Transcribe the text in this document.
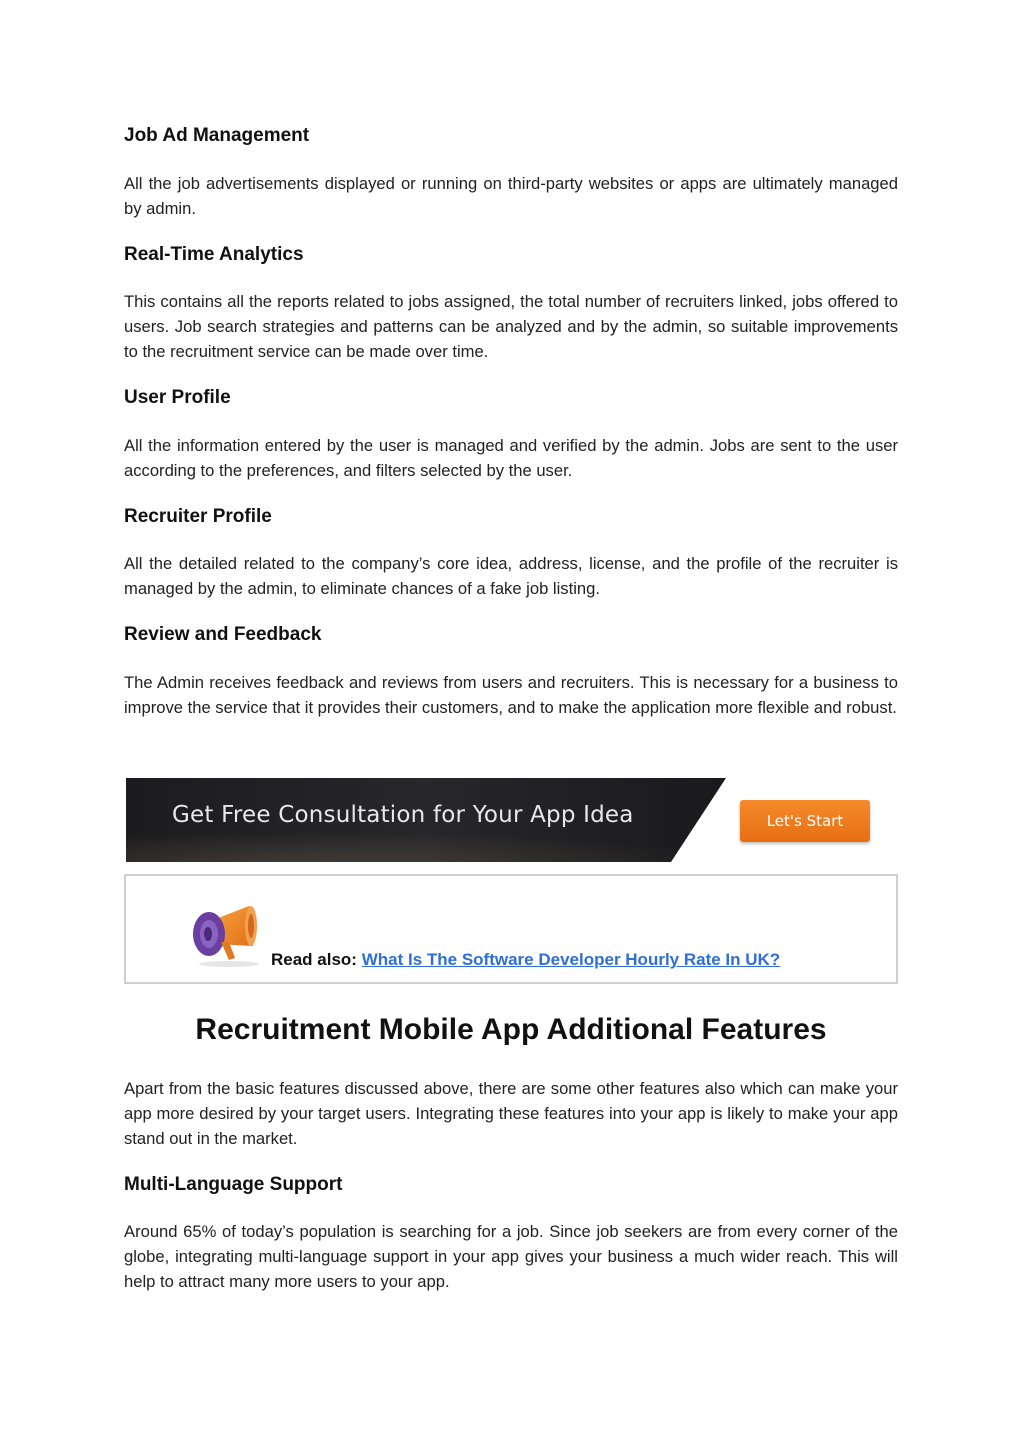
Job Ad Management
All the job advertisements displayed or running on third-party websites or apps are ultimately managed by admin.
Real-Time Analytics
This contains all the reports related to jobs assigned, the total number of recruiters linked, jobs offered to users. Job search strategies and patterns can be analyzed and by the admin, so suitable improvements to the recruitment service can be made over time.
User Profile
All the information entered by the user is managed and verified by the admin. Jobs are sent to the user according to the preferences, and filters selected by the user.
Recruiter Profile
All the detailed related to the company’s core idea, address, license, and the profile of the recruiter is managed by the admin, to eliminate chances of a fake job listing.
Review and Feedback
The Admin receives feedback and reviews from users and recruiters. This is necessary for a business to improve the service that it provides their customers, and to make the application more flexible and robust.
Get Free Consultation for Your App Idea	Let's Start
Read also: What Is The Software Developer Hourly Rate In UK?
Recruitment Mobile App Additional Features
Apart from the basic features discussed above, there are some other features also which can make your app more desired by your target users. Integrating these features into your app is likely to make your app stand out in the market.
Multi-Language Support
Around 65% of today’s population is searching for a job. Since job seekers are from every corner of the globe, integrating multi-language support in your app gives your business a much wider reach. This will help to attract many more users to your app.
